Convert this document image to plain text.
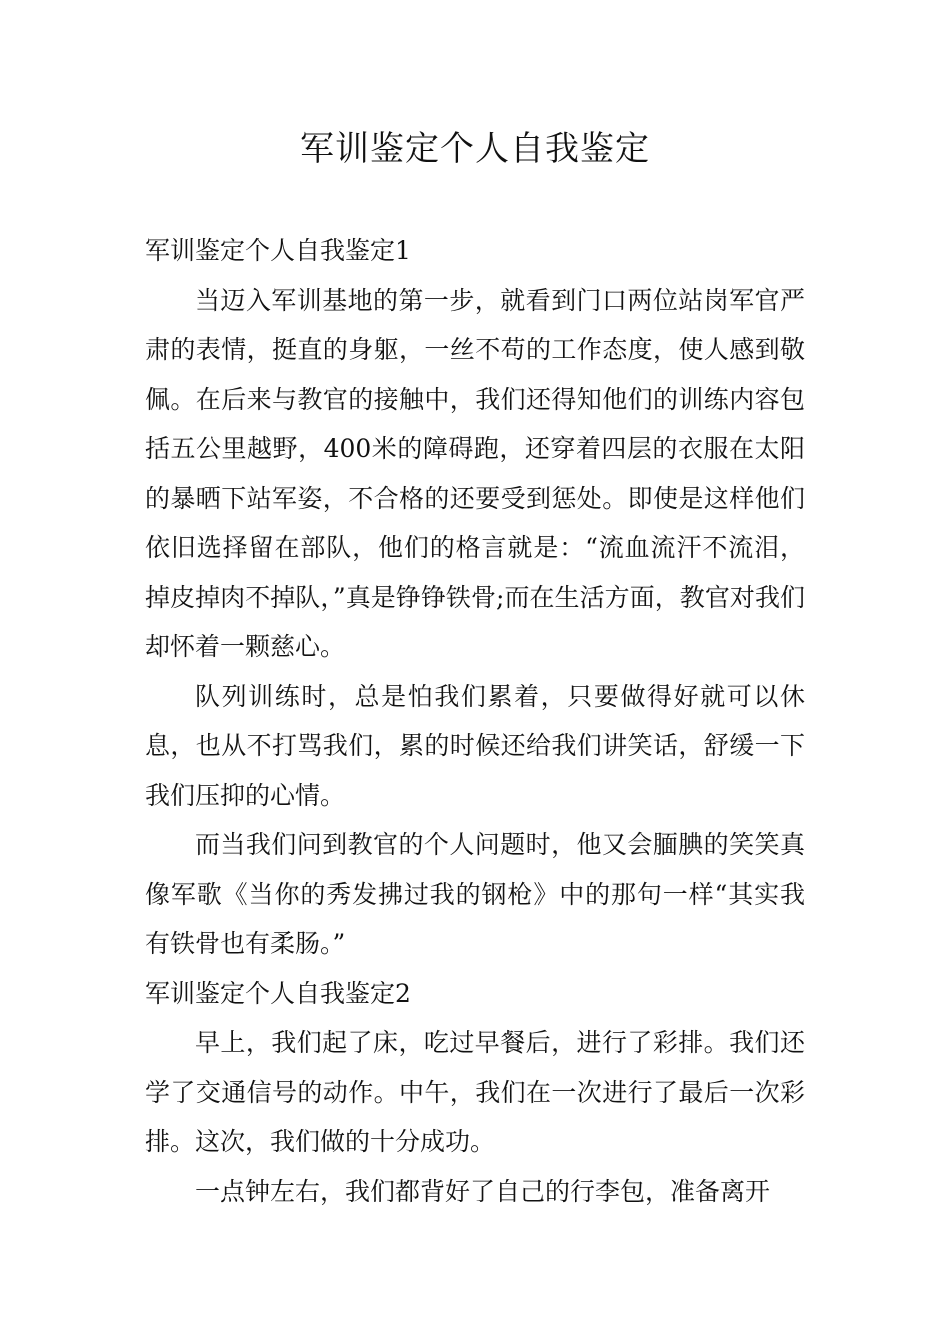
军训鉴定个人自我鉴定

军训鉴定个人自我鉴定1

当迈入军训基地的第一步，就看到门口两位站岗军官严肃的表情，挺直的身躯，一丝不苟的工作态度，使人感到敬佩。在后来与教官的接触中，我们还得知他们的训练内容包括五公里越野，400米的障碍跑，还穿着四层的衣服在太阳的暴晒下站军姿，不合格的还要受到惩处。即使是这样他们依旧选择留在部队，他们的格言就是：“流血流汗不流泪，掉皮掉肉不掉队，”真是铮铮铁骨;而在生活方面，教官对我们却怀着一颗慈心。

队列训练时，总是怕我们累着，只要做得好就可以休息，也从不打骂我们，累的时候还给我们讲笑话，舒缓一下我们压抑的心情。

而当我们问到教官的个人问题时，他又会腼腆的笑笑真像军歌《当你的秀发拂过我的钢枪》中的那句一样“其实我有铁骨也有柔肠。”

军训鉴定个人自我鉴定2

早上，我们起了床，吃过早餐后，进行了彩排。我们还学了交通信号的动作。中午，我们在一次进行了最后一次彩排。这次，我们做的十分成功。

一点钟左右，我们都背好了自己的行李包，准备离开
